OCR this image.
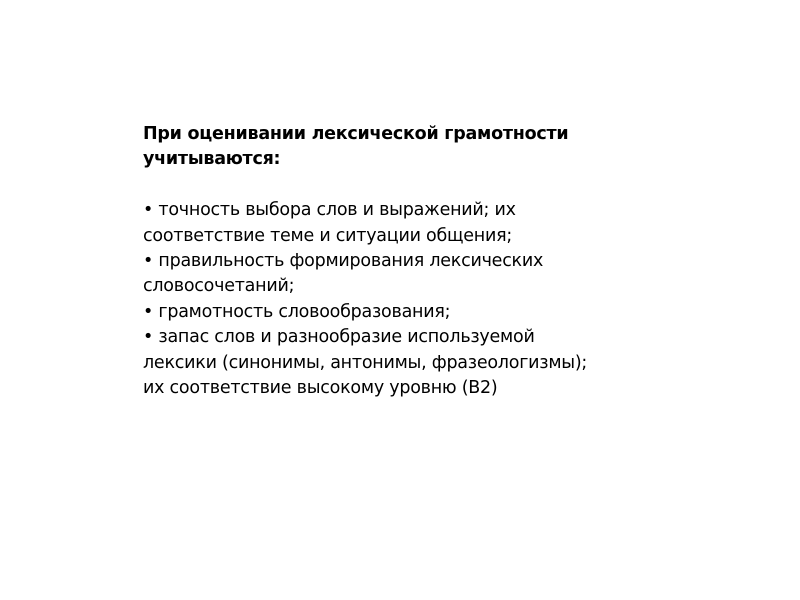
При оценивании лексической грамотности
учитываются:
• точность выбора слов и выражений; их
соответствие теме и ситуации общения;
• правильность формирования лексических
словосочетаний;
• грамотность словообразования;
• запас слов и разнообразие используемой
лексики (синонимы, антонимы, фразеологизмы);
их соответствие высокому уровню (B2)
